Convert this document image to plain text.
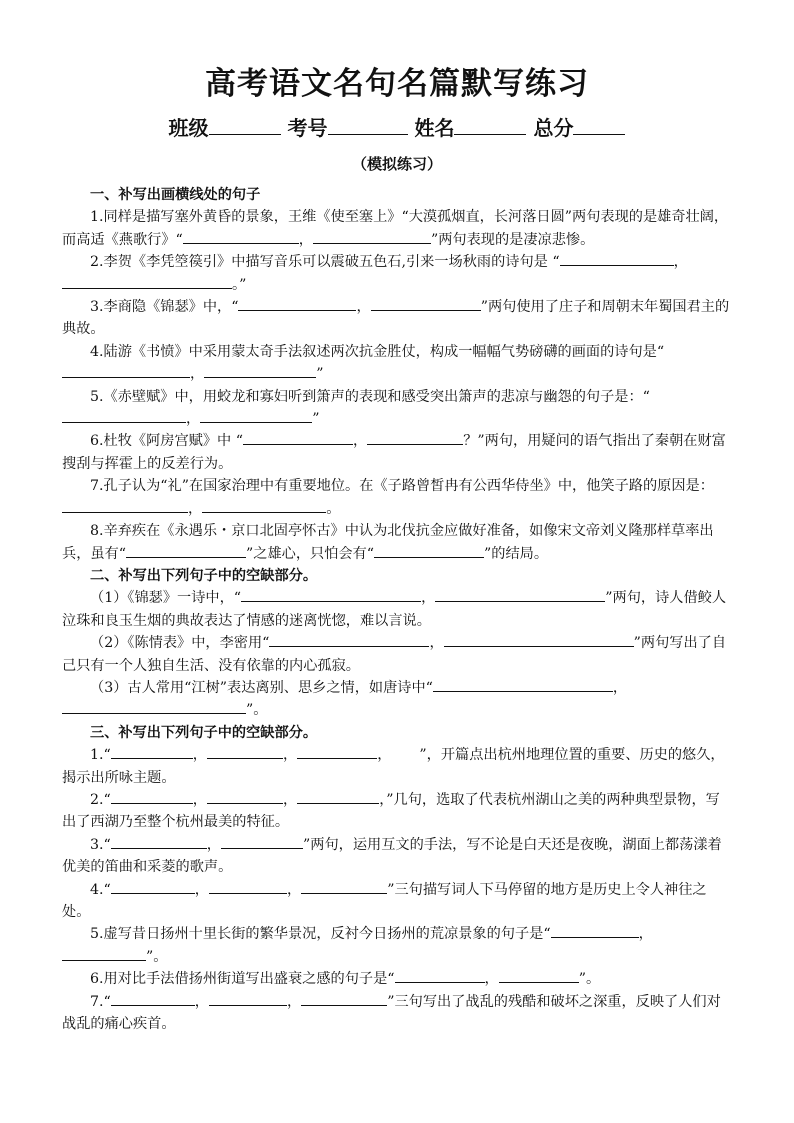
高考语文名句名篇默写练习
班级	考号	姓名	总分
（模拟练习）

一、补写出画横线处的句子

1.同样是描写塞外黄昏的景象，王维《使至塞上》“大漠孤烟直，长河落日圆”两句表现的是雄奇壮阔，而高适《燕歌行》“	，	”两句表现的是凄凉悲惨。

2.李贺《李凭箜篌引》中描写音乐可以震破五色石,引来一场秋雨的诗句是 “	，。”

3.李商隐《锦瑟》中，“	，	”两句使用了庄子和周朝末年蜀国君主的典故。

4.陆游《书愤》中采用蒙太奇手法叙述两次抗金胜仗，构成一幅幅气势磅礴的画面的诗句是“，	”

5.《赤壁赋》中，用蛟龙和寡妇听到箫声的表现和感受突出箫声的悲凉与幽怨的句子是：“，	”

6.杜牧《阿房宫赋》中 “	，	？”两句，用疑问的语气指出了秦朝在财富搜刮与挥霍上的反差行为。

7.孔子认为“礼”在国家治理中有重要地位。在《子路曾皙冉有公西华侍坐》中，他笑子路的原因是：，	。

8.辛弃疾在《永遇乐・京口北固亭怀古》中认为北伐抗金应做好准备，如像宋文帝刘义隆那样草率出兵，虽有“	”之雄心，只怕会有“	”的结局。

二、补写出下列句子中的空缺部分。

（1）《锦瑟》一诗中，“	，	”两句，诗人借鲛人泣珠和良玉生烟的典故表达了情感的迷离恍惚，难以言说。

（2）《陈情表》中，李密用“	，	”两句写出了自己只有一个人独自生活、没有依靠的内心孤寂。

（3）古人常用“江树”表达离别、思乡之情，如唐诗中“	，”。

三、补写出下列句子中的空缺部分。

1.“	，	，	， ”，开篇点出杭州地理位置的重要、历史的悠久，揭示出所咏主题。

2.“	，	，	，”几句，选取了代表杭州湖山之美的两种典型景物，写出了西湖乃至整个杭州最美的特征。

3.“	，	”两句，运用互文的手法，写不论是白天还是夜晚，湖面上都荡漾着优美的笛曲和采菱的歌声。

4.“	，	，	”三句描写词人下马停留的地方是历史上令人神往之处。

5.虚写昔日扬州十里长街的繁华景况，反衬今日扬州的荒凉景象的句子是“	，”。

6.用对比手法借扬州街道写出盛衰之感的句子是“	，	”。

7.“	，	，	”三句写出了战乱的残酷和破坏之深重，反映了人们对战乱的痛心疾首。
